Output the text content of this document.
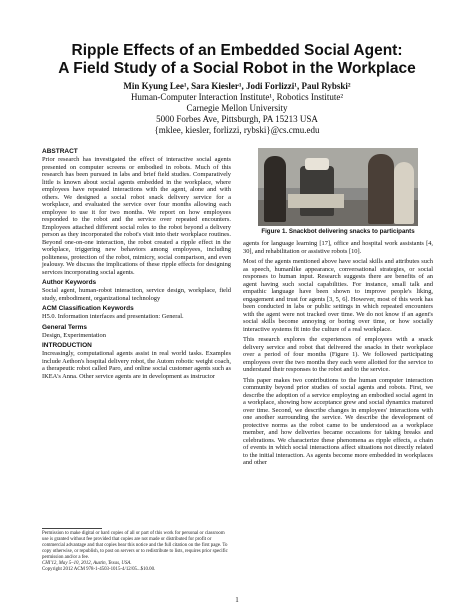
Ripple Effects of an Embedded Social Agent:
A Field Study of a Social Robot in the Workplace
Min Kyung Lee¹, Sara Kiesler¹, Jodi Forlizzi¹, Paul Rybski²
Human-Computer Interaction Institute¹, Robotics Institute²
Carnegie Mellon University
5000 Forbes Ave, Pittsburgh, PA 15213 USA
{mklee, kiesler, forlizzi, rybski}@cs.cmu.edu
ABSTRACT

Prior research has investigated the effect of interactive social agents presented on computer screens or embodied in robots. Much of this research has been pursued in labs and brief field studies. Comparatively little is known about social agents embedded in the workplace, where employees have repeated interactions with the agent, alone and with others. We designed a social robot snack delivery service for a workplace, and evaluated the service over four months allowing each employee to use it for two months. We report on how employees responded to the robot and the service over repeated encounters. Employees attached different social roles to the robot beyond a delivery person as they incorporated the robot's visit into their workplace routines. Beyond one-on-one interaction, the robot created a ripple effect in the workplace, triggering new behaviors among employees, including politeness, protection of the robot, mimicry, social comparison, and even jealousy. We discuss the implications of these ripple effects for designing services incorporating social agents.

Author Keywords

Social agent, human-robot interaction, service design, workplace, field study, embodiment, organizational technology

ACM Classification Keywords

H5.0. Information interfaces and presentation: General.

General Terms

Design, Experimentation

INTRODUCTION

Increasingly, computational agents assist in real world tasks. Examples include Aethon's hospital delivery robot, the Autom robotic weight coach, a therapeutic robot called Paro, and online social customer agents such as IKEA's Anna. Other service agents are in development as instructor

Permission to make digital or hard copies of all or part of this work for personal or classroom use is granted without fee provided that copies are not made or distributed for profit or commercial advantage and that copies bear this notice and the full citation on the first page. To copy otherwise, or republish, to post on servers or to redistribute to lists, requires prior specific permission and/or a fee.
CHI'12, May 5–10, 2012, Austin, Texas, USA.
Copyright 2012 ACM 978-1-4503-1015-4/12/05...$10.00.
Figure 1. Snackbot delivering snacks to participants

agents for language learning [17], office and hospital work assistants [4, 30], and rehabilitation or assistive robots [10].

Most of the agents mentioned above have social skills and attributes such as speech, humanlike appearance, conversational strategies, or social responses to human input. Research suggests there are benefits of an agent having such social capabilities. For instance, small talk and empathic language have been shown to improve people's liking, engagement and trust for agents [3, 5, 6]. However, most of this work has been conducted in labs or public settings in which repeated encounters with the agent were not tracked over time. We do not know if an agent's social skills become annoying or boring over time, or how socially interactive systems fit into the culture of a real workplace.

This research explores the experiences of employees with a snack delivery service and robot that delivered the snacks in their workplace over a period of four months (Figure 1). We followed participating employees over the two months they each were allotted for the service to understand their responses to the robot and to the service.

This paper makes two contributions to the human computer interaction community beyond prior studies of social agents and robots. First, we describe the adoption of a service employing an embodied social agent in a workplace, showing how acceptance grew and social dynamics matured over time. Second, we describe changes in employees' interactions with one another surrounding the service. We describe the development of protective norms as the robot came to be understood as a workplace member, and how deliveries became occasions for taking breaks and celebrations. We characterize these phenomena as ripple effects, a chain of events in which social interactions affect situations not directly related to the initial interaction. As agents become more embedded in workplaces and other

1
